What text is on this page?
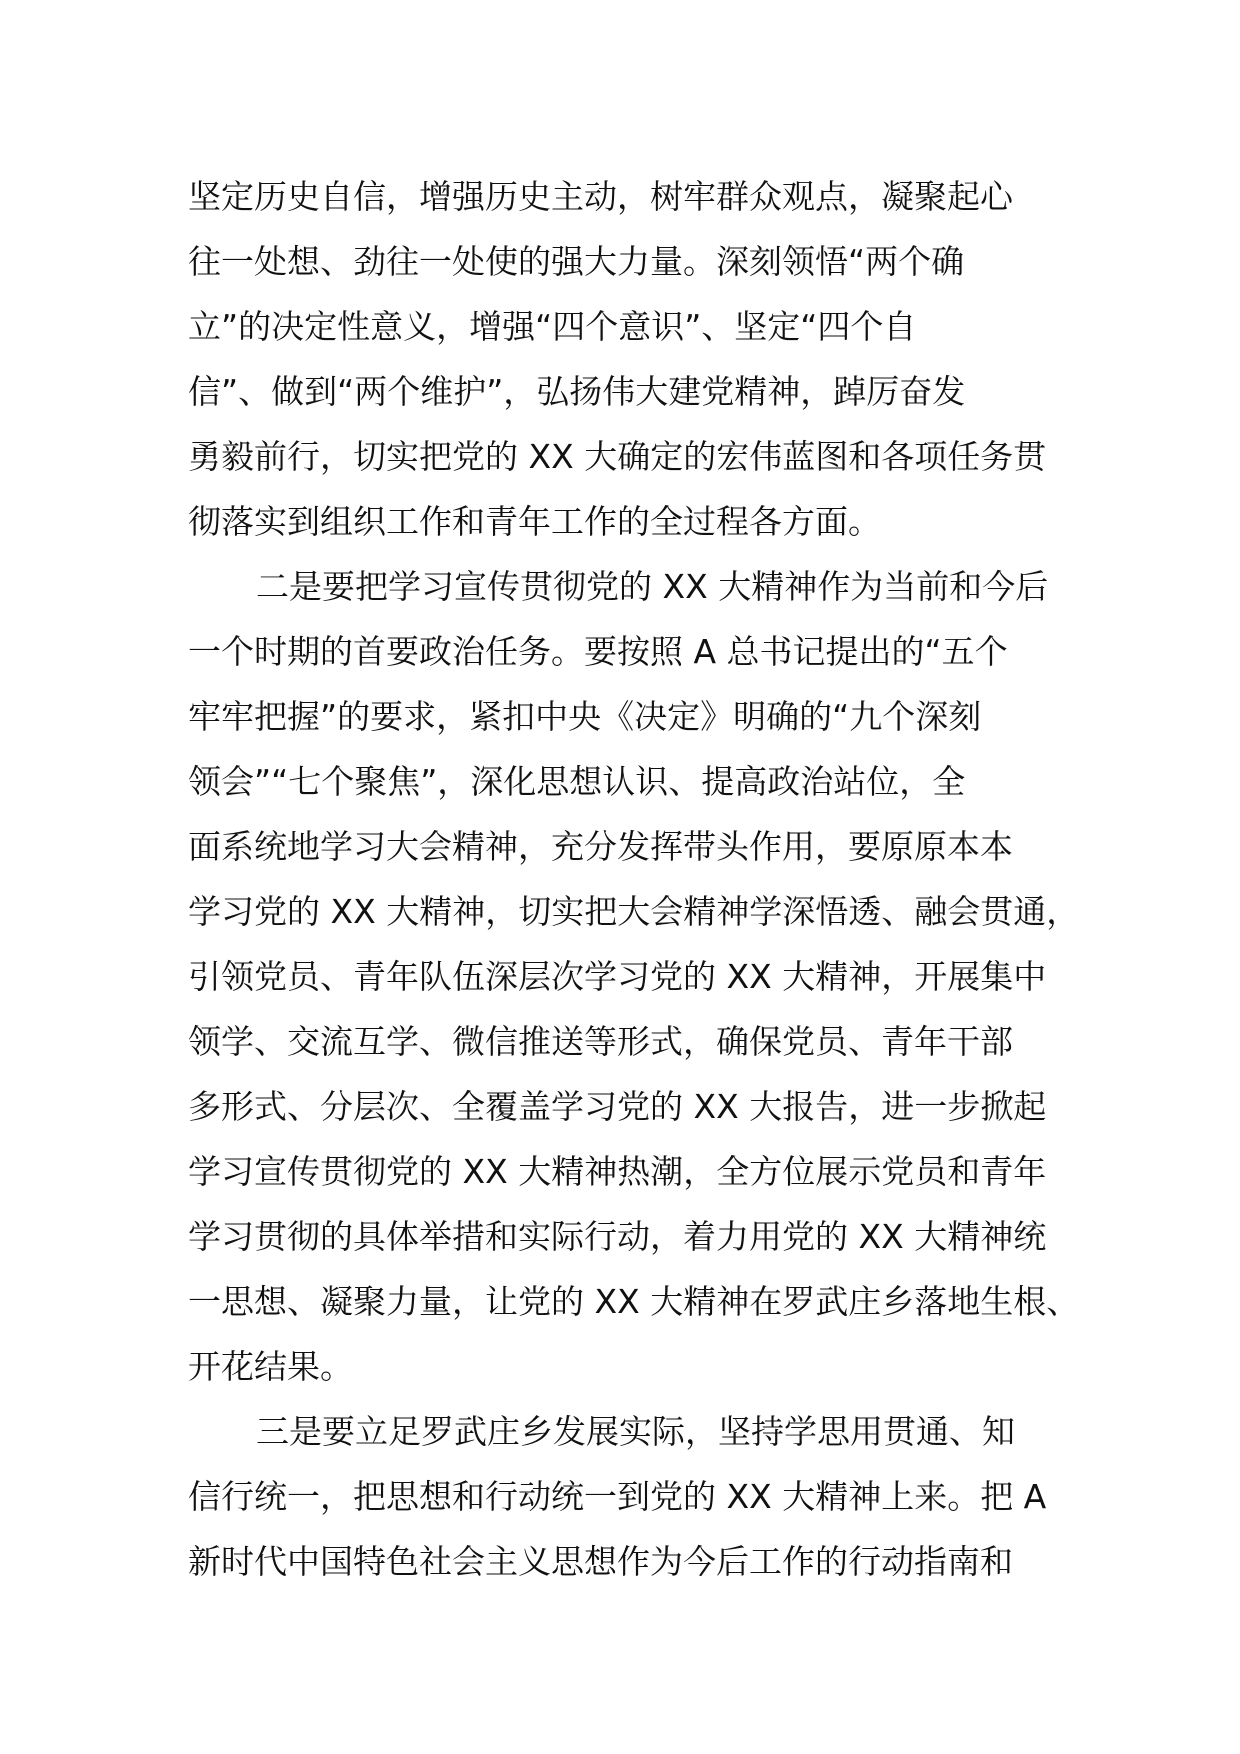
坚定历史自信，增强历史主动，树牢群众观点，凝聚起心
往一处想、劲往一处使的强大力量。深刻领悟“两个确
立”的决定性意义，增强“四个意识”、坚定“四个自
信”、做到“两个维护”，弘扬伟大建党精神，踔厉奋发
勇毅前行，切实把党的 XX 大确定的宏伟蓝图和各项任务贯
彻落实到组织工作和青年工作的全过程各方面。
二是要把学习宣传贯彻党的 XX 大精神作为当前和今后
一个时期的首要政治任务。要按照 A 总书记提出的“五个
牢牢把握”的要求，紧扣中央《决定》明确的“九个深刻
领会”“七个聚焦”，深化思想认识、提高政治站位，全
面系统地学习大会精神，充分发挥带头作用，要原原本本
学习党的 XX 大精神，切实把大会精神学深悟透、融会贯通，
引领党员、青年队伍深层次学习党的 XX 大精神，开展集中
领学、交流互学、微信推送等形式，确保党员、青年干部
多形式、分层次、全覆盖学习党的 XX 大报告，进一步掀起
学习宣传贯彻党的 XX 大精神热潮，全方位展示党员和青年
学习贯彻的具体举措和实际行动，着力用党的 XX 大精神统
一思想、凝聚力量，让党的 XX 大精神在罗武庄乡落地生根、
开花结果。
三是要立足罗武庄乡发展实际，坚持学思用贯通、知
信行统一，把思想和行动统一到党的 XX 大精神上来。把 A
新时代中国特色社会主义思想作为今后工作的行动指南和
